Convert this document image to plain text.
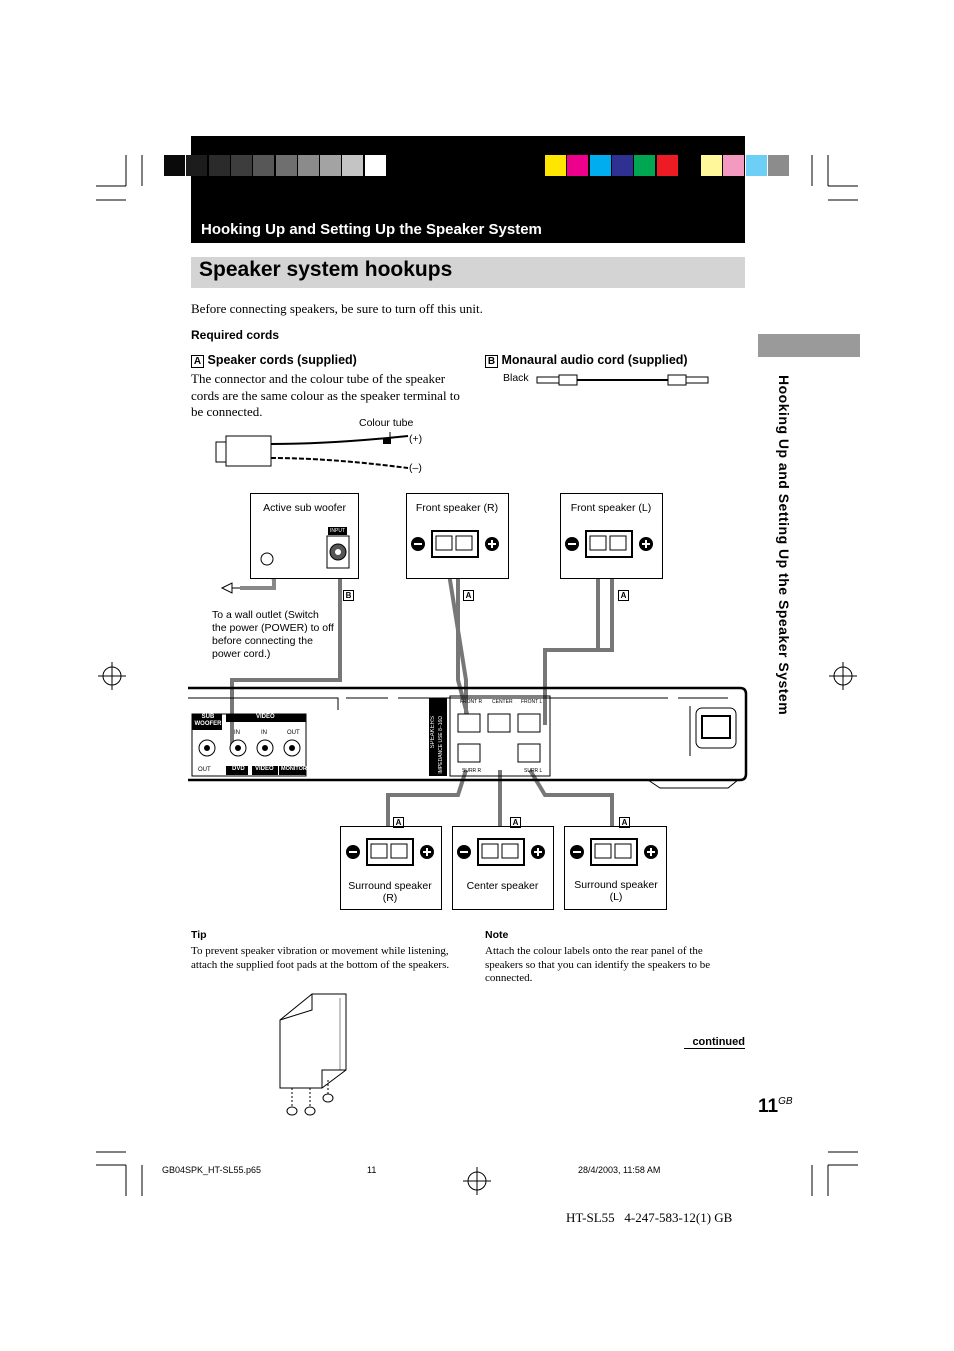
Hooking Up and Setting Up the Speaker System
Speaker system hookups
Hooking Up and Setting Up the Speaker System
Before connecting speakers, be sure to turn off this unit.
Required cords
A Speaker cords (supplied)
The connector and the colour tube of the speaker cords are the same colour as the speaker terminal to be connected.
Colour tube
(+)
(–)
B Monaural audio cord (supplied)
Black
Active sub woofer
INPUT
B
To a wall outlet (Switch the power (POWER) to off before connecting the power cord.)
Front speaker (R)
A
Front speaker (L)
A
Surround speaker (R)
A
Center speaker
A
Surround speaker (L)
A
SUB WOOFER
VIDEO
IN	IN	OUT
OUT	DVD VIDEO MONITOR
SPEAKERS IMPEDANCE USE 8–16Ω
FRONT R CENTER FRONT L
SURR R	SURR L
Tip
To prevent speaker vibration or movement while listening, attach the supplied foot pads at the bottom of the speakers.
Note
Attach the colour labels onto the rear panel of the speakers so that you can identify the speakers to be connected.
continued
$11^{GB}$
GB04SPK_HT-SL55.p65	11	28/4/2003, 11:58 AM
HT-SL55   4-247-583-12(1) GB
